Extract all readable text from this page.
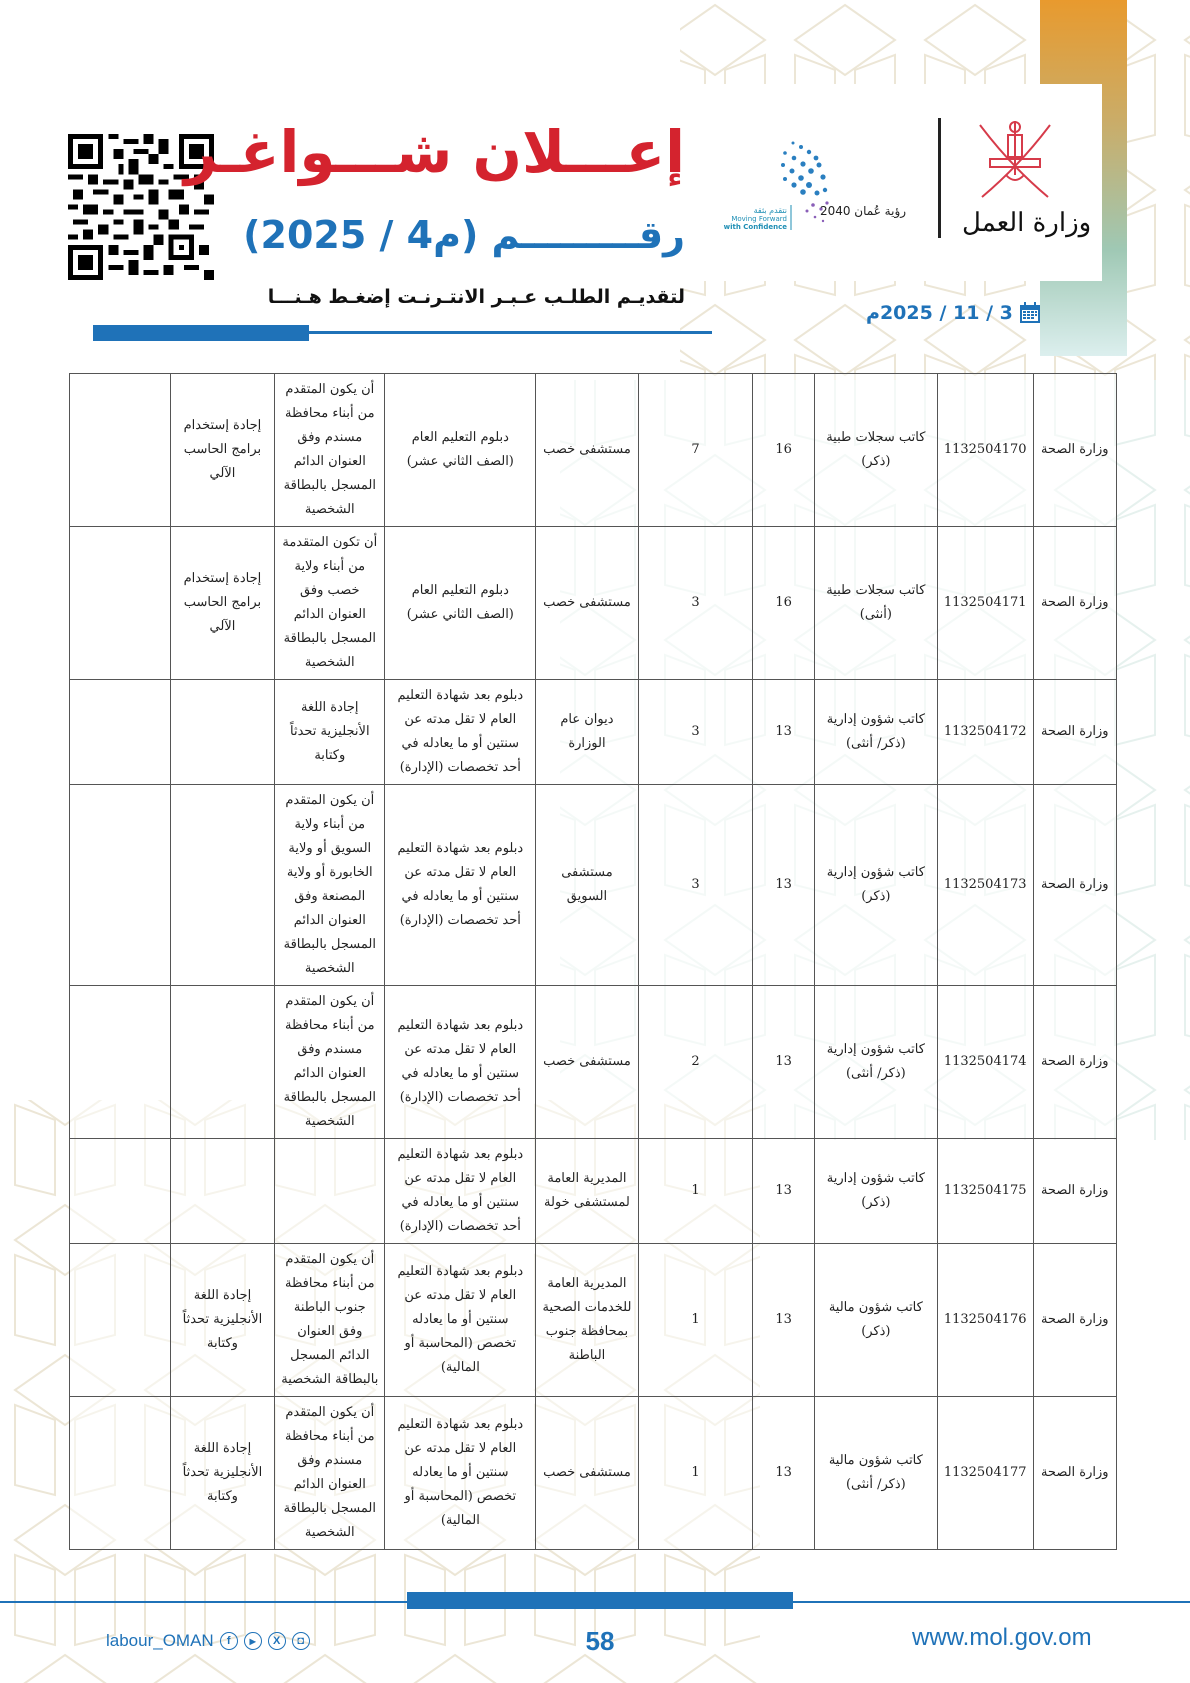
إعـــلان شـــواغـر
رقـــــــــم (م4 / 2025)
لتقديـم الطلـب عـبـر الانتـرنـت إضغـط هـنـــا
3 / 11 / 2025م
رؤية عُمان 2040
نتقدم بثقة
Moving Forward
with Confidence	وزارة العمل
وزارة الصحة	1132504170	كاتب سجلات طبية (ذكر)	16	7	مستشفى خصب	دبلوم التعليم العام (الصف الثاني عشر)	أن يكون المتقدم من أبناء محافظة مسندم وفق العنوان الدائم المسجل بالبطاقة الشخصية	إجادة إستخدام برامج الحاسب الآلي	
وزارة الصحة	1132504171	كاتب سجلات طبية (أنثى)	16	3	مستشفى خصب	دبلوم التعليم العام (الصف الثاني عشر)	أن تكون المتقدمة من أبناء ولاية خصب وفق العنوان الدائم المسجل بالبطاقة الشخصية	إجادة إستخدام برامج الحاسب الآلي	
وزارة الصحة	1132504172	كاتب شؤون إدارية (ذكر/ أنثى)	13	3	ديوان عام الوزارة	دبلوم بعد شهادة التعليم العام لا تقل مدته عن سنتين أو ما يعادله في أحد تخصصات (الإدارة)	إجادة اللغة الأنجليزية تحدثاً وكتابة		
وزارة الصحة	1132504173	كاتب شؤون إدارية (ذكر)	13	3	مستشفى السويق	دبلوم بعد شهادة التعليم العام لا تقل مدته عن سنتين أو ما يعادله في أحد تخصصات (الإدارة)	أن يكون المتقدم من أبناء ولاية السويق أو ولاية الخابورة أو ولاية المصنعة وفق العنوان الدائم المسجل بالبطاقة الشخصية		
وزارة الصحة	1132504174	كاتب شؤون إدارية (ذكر/ أنثى)	13	2	مستشفى خصب	دبلوم بعد شهادة التعليم العام لا تقل مدته عن سنتين أو ما يعادله في أحد تخصصات (الإدارة)	أن يكون المتقدم من أبناء محافظة مسندم وفق العنوان الدائم المسجل بالبطاقة الشخصية		
وزارة الصحة	1132504175	كاتب شؤون إدارية (ذكر)	13	1	المديرية العامة لمستشفى خولة	دبلوم بعد شهادة التعليم العام لا تقل مدته عن سنتين أو ما يعادله في أحد تخصصات (الإدارة)			
وزارة الصحة	1132504176	كاتب شؤون مالية (ذكر)	13	1	المديرية العامة للخدمات الصحية بمحافظة جنوب الباطنة	دبلوم بعد شهادة التعليم العام لا تقل مدته عن سنتين أو ما يعادله تخصص (المحاسبة أو المالية)	أن يكون المتقدم من أبناء محافظة جنوب الباطنة وفق العنوان الدائم المسجل بالبطاقة الشخصية	إجادة اللغة الأنجليزية تحدثاً وكتابة	
وزارة الصحة	1132504177	كاتب شؤون مالية (ذكر/ أنثى)	13	1	مستشفى خصب	دبلوم بعد شهادة التعليم العام لا تقل مدته عن سنتين أو ما يعادله تخصص (المحاسبة أو المالية)	أن يكون المتقدم من أبناء محافظة مسندم وفق العنوان الدائم المسجل بالبطاقة الشخصية	إجادة اللغة الأنجليزية تحدثاً وكتابة	
labour_OMAN	f	▶	X	◘	58	www.mol.gov.om
